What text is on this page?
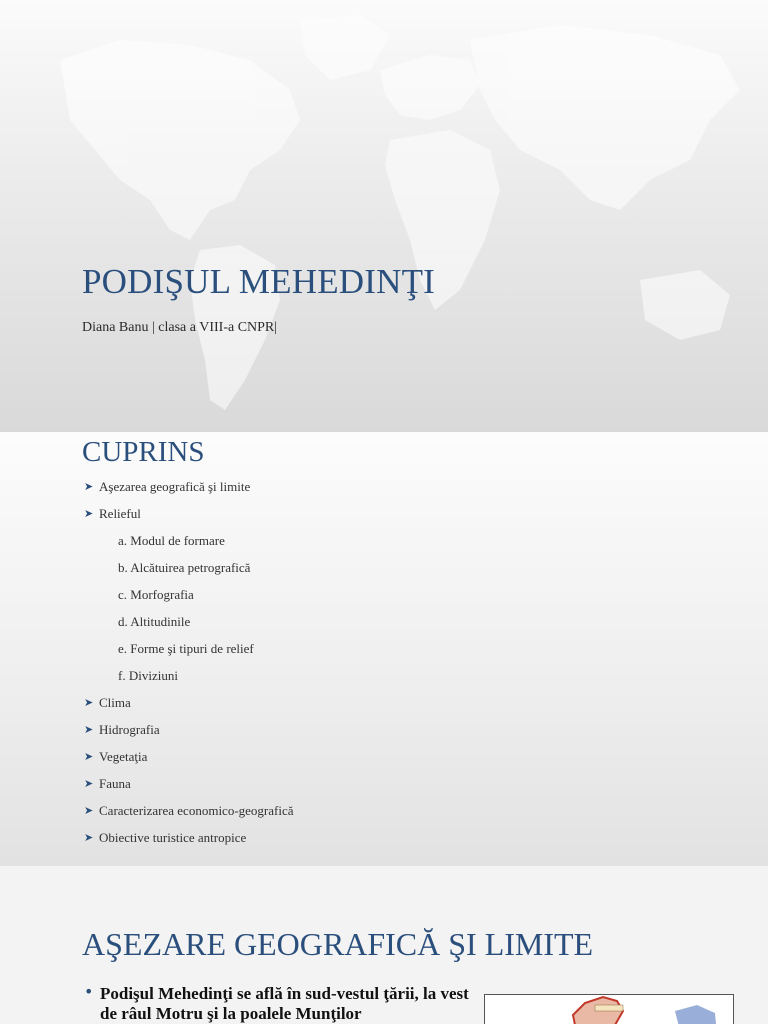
PODIŞUL MEHEDINŢI
Diana Banu | clasa a VIII-a CNPR|
CUPRINS
➤ Aşezarea geografică şi limite
➤ Relieful
a. Modul de formare
b. Alcătuirea petrografică
c. Morfografia
d. Altitudinile
e. Forme şi tipuri de relief
f. Diviziuni
➤ Clima
➤ Hidrografia
➤ Vegetaţia
➤ Fauna
➤ Caracterizarea economico-geografică
➤ Obiective turistice antropice
AŞEZARE GEOGRAFICĂ ŞI LIMITE
• Podişul Mehedinţi se află în sud-vestul ţării, la vest de râul Motru şi la poalele Munţilor
